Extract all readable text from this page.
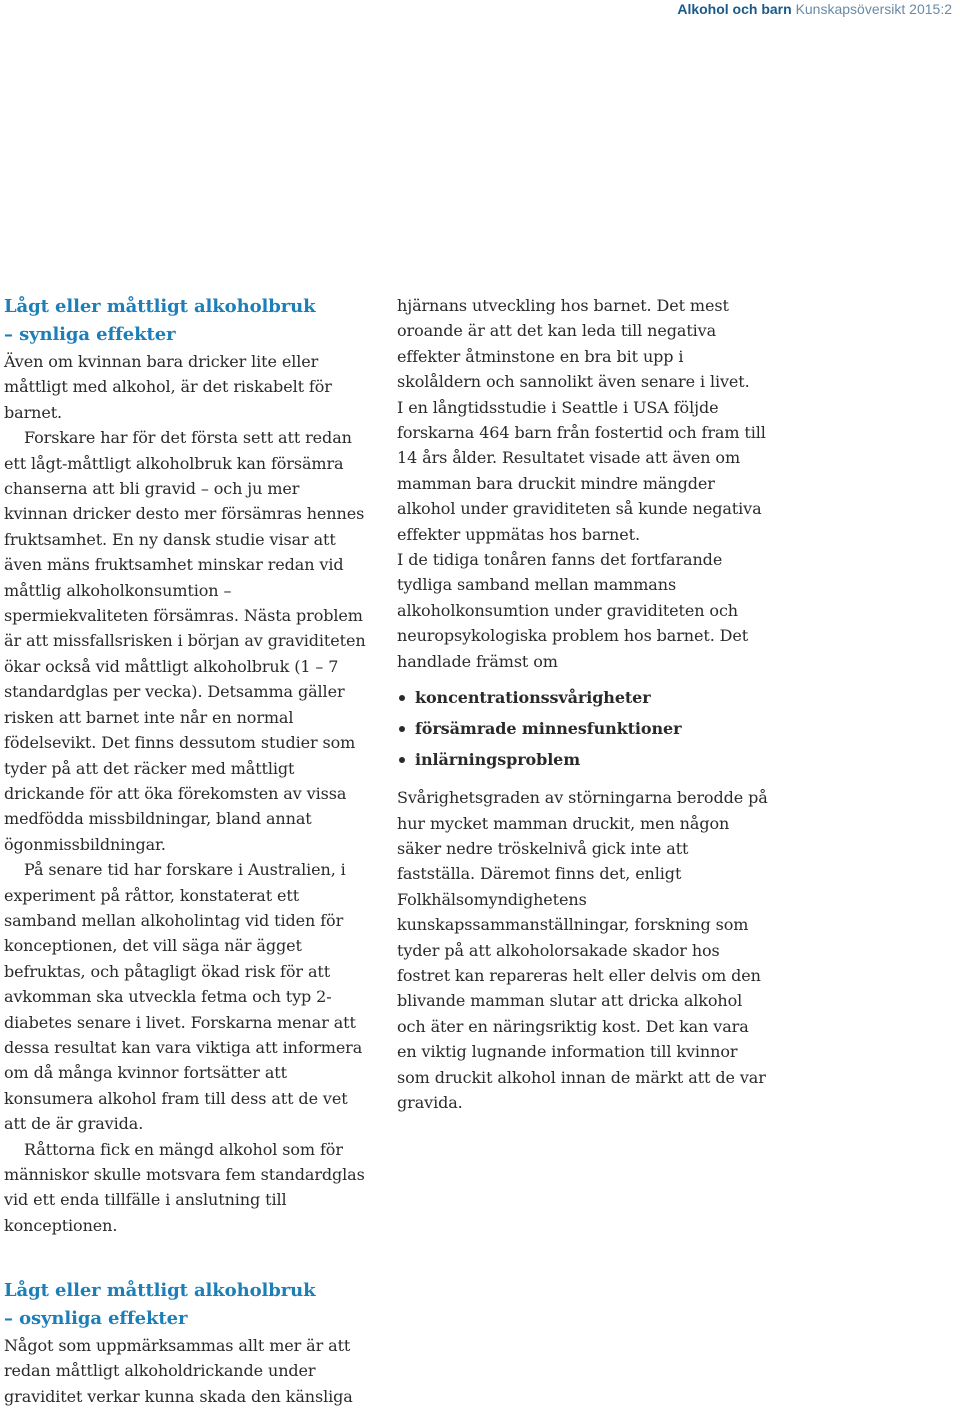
Alkohol och barn Kunskapsöversikt 2015:2
Lågt eller måttligt alkoholbruk
– synliga effekter

Även om kvinnan bara dricker lite eller måttligt med alkohol, är det riskabelt för barnet.

Forskare har för det första sett att redan ett lågt-måttligt alkoholbruk kan försämra chanserna att bli gravid – och ju mer kvinnan dricker desto mer försämras hennes fruktsamhet. En ny dansk studie visar att även mäns fruktsamhet minskar redan vid måttlig alkoholkonsumtion – spermiekvaliteten försämras. Nästa problem är att missfallsrisken i början av graviditeten ökar också vid måttligt alkoholbruk (1 – 7 standardglas per vecka). Detsamma gäller risken att barnet inte når en normal födelsevikt. Det finns dessutom studier som tyder på att det räcker med måttligt drickande för att öka förekomsten av vissa medfödda missbildningar, bland annat ögonmissbildningar.

På senare tid har forskare i Australien, i experiment på råttor, konstaterat ett samband mellan alkoholintag vid tiden för konceptionen, det vill säga när ägget befruktas, och påtagligt ökad risk för att avkomman ska utveckla fetma och typ 2-diabetes senare i livet. Forskarna menar att dessa resultat kan vara viktiga att informera om då många kvinnor fortsätter att konsumera alkohol fram till dess att de vet att de är gravida.

Råttorna fick en mängd alkohol som för människor skulle motsvara fem standardglas vid ett enda tillfälle i anslutning till konceptionen.

Lågt eller måttligt alkoholbruk
– osynliga effekter

Något som uppmärksammas allt mer är att redan måttligt alkoholdrickande under graviditet verkar kunna skada den känsliga

hjärnans utveckling hos barnet. Det mest oroande är att det kan leda till negativa effekter åtminstone en bra bit upp i skolåldern och sannolikt även senare i livet.

I en långtidsstudie i Seattle i USA följde forskarna 464 barn från fostertid och fram till 14 års ålder. Resultatet visade att även om mamman bara druckit mindre mängder alkohol under graviditeten så kunde negativa effekter uppmätas hos barnet.

I de tidiga tonåren fanns det fortfarande tydliga samband mellan mammans alkoholkonsumtion under graviditeten och neuropsykologiska problem hos barnet. Det handlade främst om

koncentrationssvårigheter
försämrade minnesfunktioner
inlärningsproblem

Svårighetsgraden av störningarna berodde på hur mycket mamman druckit, men någon säker nedre tröskelnivå gick inte att fastställa. Däremot finns det, enligt Folkhälsomyndighetens kunskapssammanställningar, forskning som tyder på att alkoholorsakade skador hos fostret kan repareras helt eller delvis om den blivande mamman slutar att dricka alkohol och äter en näringsriktig kost. Det kan vara en viktig lugnande information till kvinnor som druckit alkohol innan de märkt att de var gravida.
